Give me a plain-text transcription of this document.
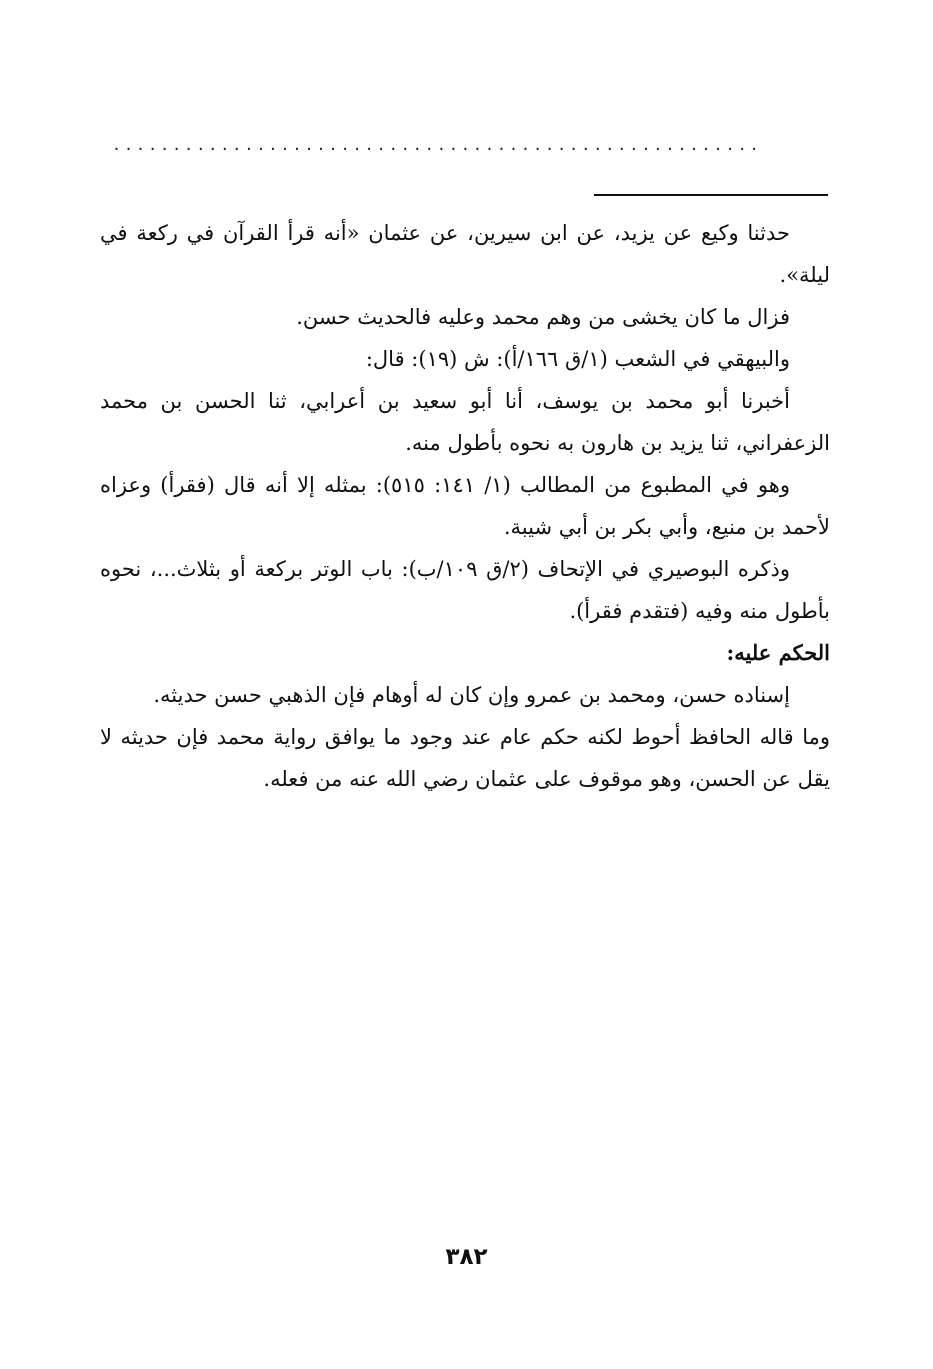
......................................................

حدثنا وكيع عن يزيد، عن ابن سيرين، عن عثمان «أنه قرأ القرآن في ركعة في ليلة».

فزال ما كان يخشى من وهم محمد وعليه فالحديث حسن.

والبيهقي في الشعب (١/ق ١٦٦/أ): ش (١٩): قال:

أخبرنا أبو محمد بن يوسف، أنا أبو سعيد بن أعرابي، ثنا الحسن بن محمد الزعفراني، ثنا يزيد بن هارون به نحوه بأطول منه.

وهو في المطبوع من المطالب (١/ ١٤١: ٥١٥): بمثله إلا أنه قال (فقرأ) وعزاه لأحمد بن منيع، وأبي بكر بن أبي شيبة.

وذكره البوصيري في الإتحاف (٢/ق ١٠٩/ب): باب الوتر بركعة أو بثلاث...، نحوه بأطول منه وفيه (فتقدم فقرأ).

الحكم عليه:

إسناده حسن، ومحمد بن عمرو وإن كان له أوهام فإن الذهبي حسن حديثه.

وما قاله الحافظ أحوط لكنه حكم عام عند وجود ما يوافق رواية محمد فإن حديثه لا يقل عن الحسن، وهو موقوف على عثمان رضي الله عنه من فعله.

٣٨٢
